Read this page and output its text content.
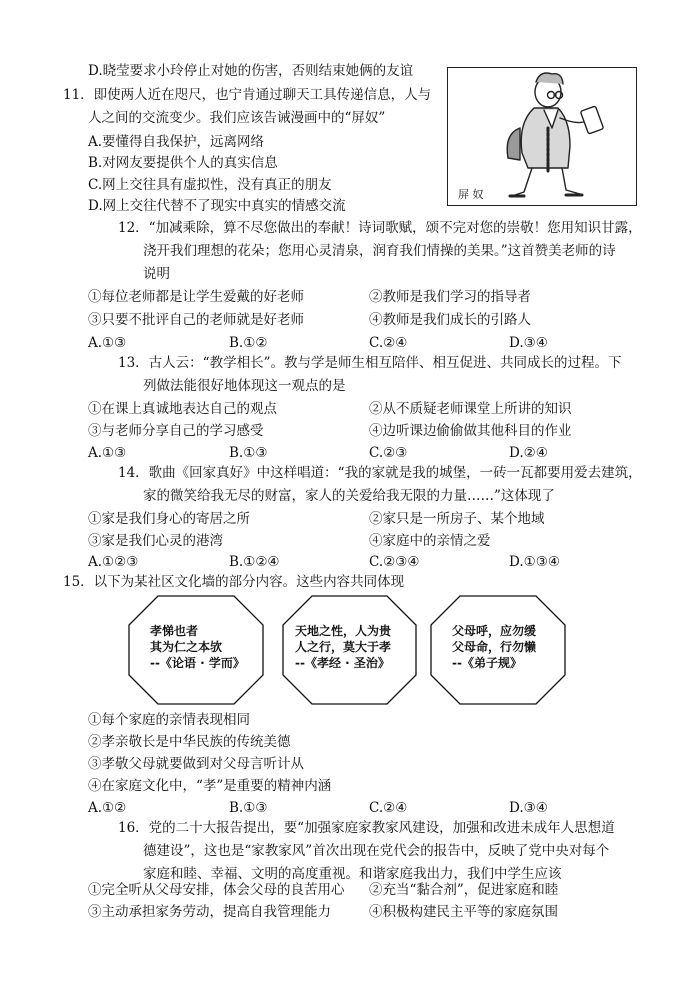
D.晓莹要求小玲停止对她的伤害，否则结束她俩的友谊
11．即使两人近在咫尺，也宁肯通过聊天工具传递信息，人与
人之间的交流变少。我们应该告诫漫画中的“屏奴”
A.要懂得自我保护，远离网络
B.对网友要提供个人的真实信息
C.网上交往具有虚拟性，没有真正的朋友
D.网上交往代替不了现实中真实的情感交流
屏 奴
12．“加减乘除，算不尽您做出的奉献！诗词歌赋，颂不完对您的崇敬！您用知识甘露，
浇开我们理想的花朵；您用心灵清泉，润育我们情操的美果。”这首赞美老师的诗
说明
①每位老师都是让学生爱戴的好老师	②教师是我们学习的指导者
③只要不批评自己的老师就是好老师	④教师是我们成长的引路人
A.①③	B.①②	C.②④	D.③④
13．古人云：“教学相长”。教与学是师生相互陪伴、相互促进、共同成长的过程。下
列做法能很好地体现这一观点的是
①在课上真诚地表达自己的观点	②从不质疑老师课堂上所讲的知识
③与老师分享自己的学习感受	④边听课边偷偷做其他科目的作业
A.①③	B.①③	C.②③	D.②④
14．歌曲《回家真好》中这样唱道：“我的家就是我的城堡，一砖一瓦都要用爱去建筑，
家的微笑给我无尽的财富，家人的关爱给我无限的力量……”这体现了
①家是我们身心的寄居之所	②家只是一所房子、某个地域
③家是我们心灵的港湾	④家庭中的亲情之爱
A.①②③	B.①②④	C.②③④	D.①③④
15．以下为某社区文化墙的部分内容。这些内容共同体现
孝悌也者
其为仁之本欤
--《论语 · 学而》
天地之性，人为贵
人之行，莫大于孝
--《孝经 · 圣治》
父母呼，应勿缓
父母命，行勿懒
--《弟子规》
①每个家庭的亲情表现相同
②孝亲敬长是中华民族的传统美德
③孝敬父母就要做到对父母言听计从
④在家庭文化中，“孝”是重要的精神内涵
A.①②	B.①③	C.②④	D.③④
16．党的二十大报告提出，要“加强家庭家教家风建设，加强和改进未成年人思想道
德建设”，这也是“家教家风”首次出现在党代会的报告中，反映了党中央对每个
家庭和睦、幸福、文明的高度重视。和谐家庭我出力，我们中学生应该
①完全听从父母安排，体会父母的良苦用心 ②充当“黏合剂”，促进家庭和睦
③主动承担家务劳动，提高自我管理能力	④积极构建民主平等的家庭氛围
